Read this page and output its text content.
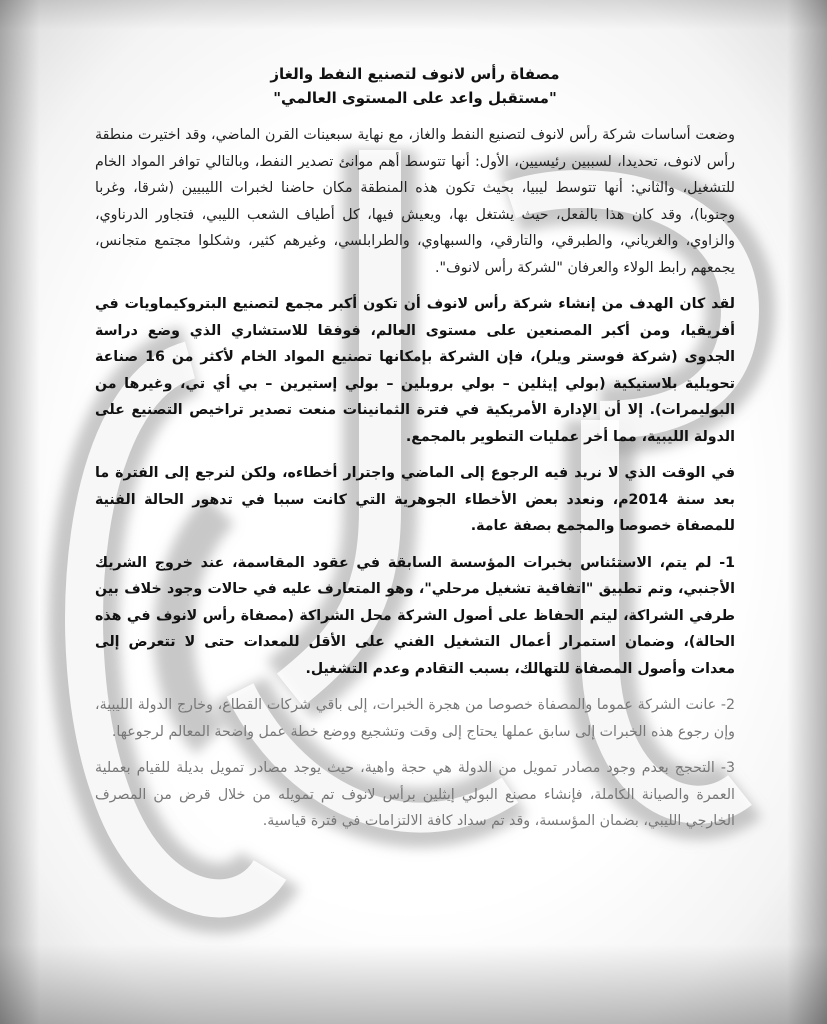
مصفاة رأس لانوف لتصنيع النفط والغاز

"مستقبل واعد على المستوى العالمي"

وضعت أساسات شركة رأس لانوف لتصنيع النفط والغاز، مع نهاية سبعينات القرن الماضي، وقد اختيرت منطقة رأس لانوف، تحديدا، لسببين رئيسيين، الأول: أنها تتوسط أهم موانئ تصدير النفط، وبالتالي توافر المواد الخام للتشغيل، والثاني: أنها تتوسط ليبيا، بحيث تكون هذه المنطقة مكان حاضنا لخبرات الليبيين (شرقا، وغربا وجنوبا)، وقد كان هذا بالفعل، حيث يشتغل بها، ويعيش فيها، كل أطياف الشعب الليبي، فتجاور الدرناوي، والزاوي، والغرياني، والطبرقي، والتارقي، والسبهاوي، والطرابلسي، وغيرهم كثير، وشكلوا مجتمع متجانس، يجمعهم رابط الولاء والعرفان "لشركة رأس لانوف".

لقد كان الهدف من إنشاء شركة رأس لانوف أن تكون أكبر مجمع لتصنيع البتروكيماويات في أفريقيا، ومن أكبر المصنعين على مستوى العالم، فوفقا للاستشاري الذي وضع دراسة الجدوى (شركة فوستر ويلر)، فإن الشركة بإمكانها تصنيع المواد الخام لأكثر من 16 صناعة تحويلية بلاستيكية (بولي إيثلين – بولي بروبلين – بولي إستيرين – بي أي تي، وغيرها من البوليمرات). إلا أن الإدارة الأمريكية في فترة الثمانينات منعت تصدير تراخيص التصنيع على الدولة الليبية، مما أخر عمليات التطوير بالمجمع.

في الوقت الذي لا نريد فيه الرجوع إلى الماضي واجترار أخطاءه، ولكن لنرجع إلى الفترة ما بعد سنة 2014م، ونعدد بعض الأخطاء الجوهرية التي كانت سببا في تدهور الحالة الفنية للمصفاة خصوصا والمجمع بصفة عامة.

1- لم يتم، الاستئناس بخبرات المؤسسة السابقة في عقود المقاسمة، عند خروج الشريك الأجنبي، وتم تطبيق "اتفاقية تشغيل مرحلي"، وهو المتعارف عليه في حالات وجود خلاف بين طرفي الشراكة، ليتم الحفاظ على أصول الشركة محل الشراكة (مصفاة رأس لانوف في هذه الحالة)، وضمان استمرار أعمال التشغيل الفني على الأقل للمعدات حتى لا تتعرض إلى معدات وأصول المصفاة للتهالك، بسبب التقادم وعدم التشغيل.

2- عانت الشركة عموما والمصفاة خصوصا من هجرة الخبرات، إلى باقي شركات القطاع، وخارج الدولة الليبية، وإن رجوع هذه الخبرات إلى سابق عملها يحتاج إلى وقت وتشجيع ووضع خطة عمل واضحة المعالم لرجوعها.

3- التحجج بعدم وجود مصادر تمويل من الدولة هي حجة واهية، حيث يوجد مصادر تمويل بديلة للقيام بعملية العمرة والصيانة الكاملة، فإنشاء مصنع البولي إيثلين برأس لانوف تم تمويله من خلال قرض من المصرف الخارجي الليبي، بضمان المؤسسة، وقد تم سداد كافة الالتزامات في فترة قياسية.
